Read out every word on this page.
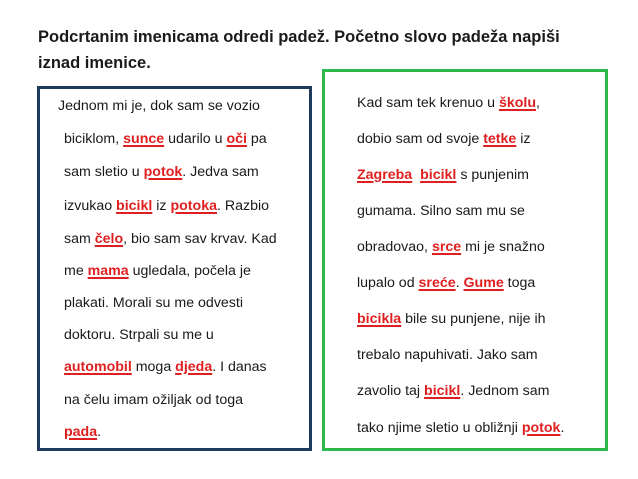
Podcrtanim imenicama odredi padež. Početno slovo padeža napiši
iznad imenice.
Jednom mi je, dok sam se vozio
biciklom, sunce udarilo u oči pa
sam sletio u potok. Jedva sam
izvukao bicikl iz potoka. Razbio
sam čelo, bio sam sav krvav. Kad
me mama ugledala, počela je
plakati. Morali su me odvesti
doktoru. Strpali su me u
automobil moga djeda. I danas
na čelu imam ožiljak od toga
pada.
Kad sam tek krenuo u školu,
dobio sam od svoje tetke iz
Zagreba bicikl s punjenim
gumama. Silno sam mu se
obradovao, srce mi je snažno
lupalo od sreće. Gume toga
bicikla bile su punjene, nije ih
trebalo napuhivati. Jako sam
zavolio taj bicikl. Jednom sam
tako njime sletio u obližnji potok.
